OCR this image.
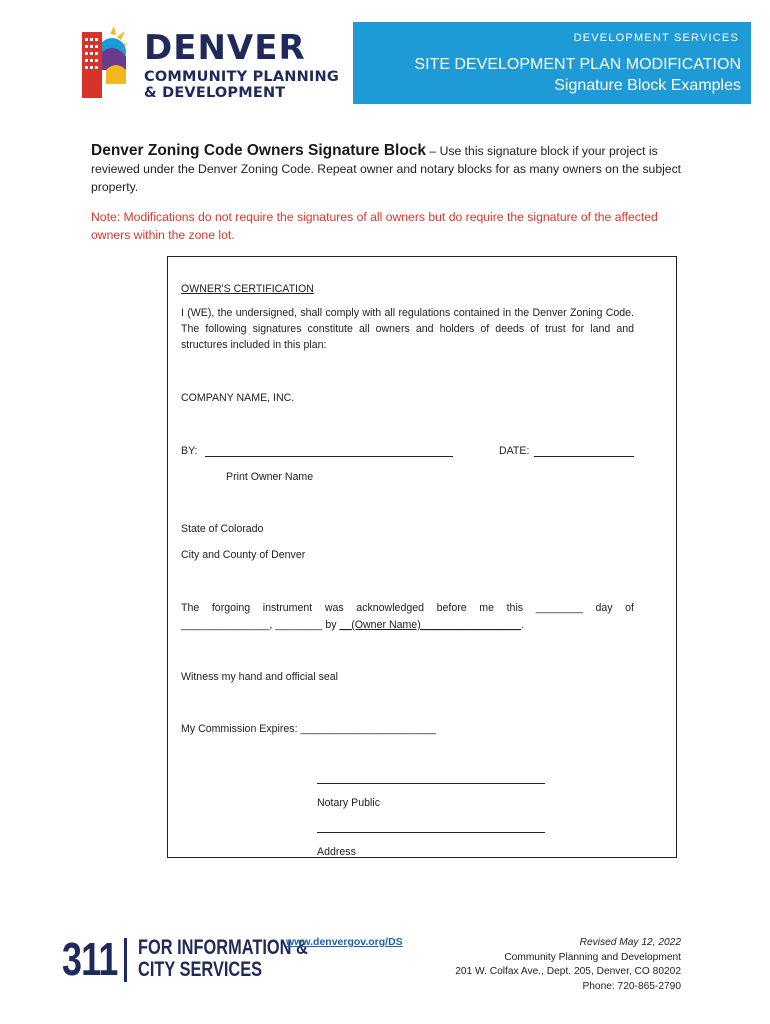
DENVER
COMMUNITY PLANNING
& DEVELOPMENT
DEVELOPMENT SERVICES
SITE DEVELOPMENT PLAN MODIFICATION
Signature Block Examples
Denver Zoning Code Owners Signature Block – Use this signature block if your project is reviewed under the Denver Zoning Code. Repeat owner and notary blocks for as many owners on the subject property.
Note: Modifications do not require the signatures of all owners but do require the signature of the affected owners within the zone lot.
OWNER'S CERTIFICATION
I (WE), the undersigned, shall comply with all regulations contained in the Denver Zoning Code. The following signatures constitute all owners and holders of deeds of trust for land and structures included in this plan:
COMPANY NAME, INC.
BY:	DATE:
Print Owner Name
State of Colorado
City and County of Denver
The forgoing instrument was acknowledged before me this ________ day of
_______________, ________ by __(Owner Name)_________________.
Witness my hand and official seal
My Commission Expires: _______________________
Notary Public
Address
311 FOR INFORMATION &
CITY SERVICES
www.denvergov.org/DS	Revised May 12, 2022
Community Planning and Development
201 W. Colfax Ave., Dept. 205, Denver, CO 80202
Phone: 720-865-2790
